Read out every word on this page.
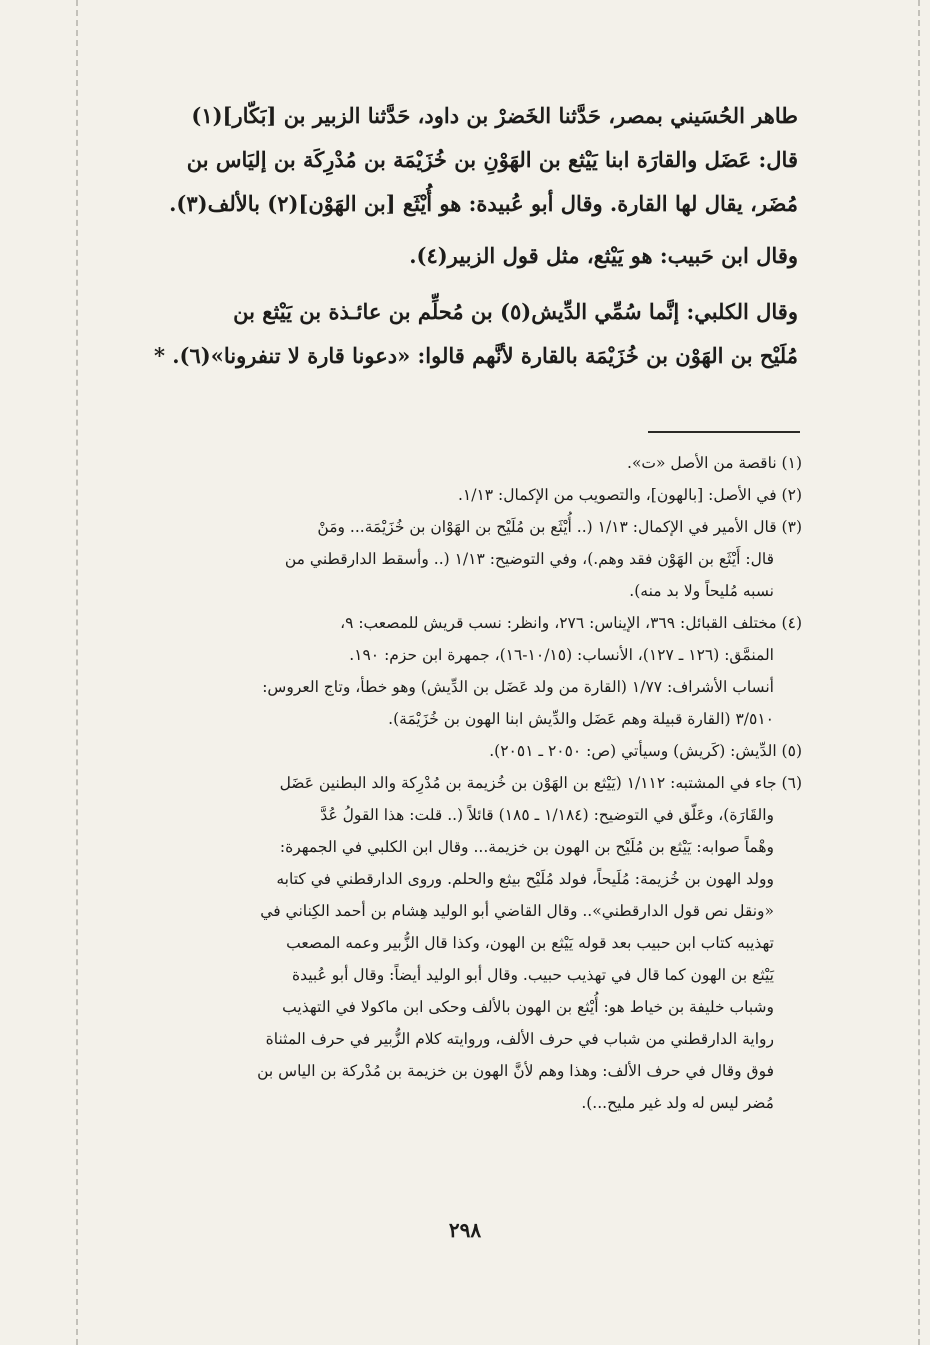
طاهر الحُسَيني بمصر، حَدَّثنا الخَضرْ بن داود، حَدَّثنا الزبير بن [بَكّار](١)
قال: عَضَل والقارَة ابنا يَيْثع بن الهَوْنِ بن خُزَيْمَة بن مُدْرِكَة بن إليَاس بن
مُضَر، يقال لها القارة. وقال أبو عُبيدة: هو أُيْثَع [بن الهَوْن](٢) بالألف(٣).

وقال ابن حَبيب: هو يَيْثع، مثل قول الزبير(٤).

وقال الكلبي: إنَّما سُمِّي الدِّيش(٥) بن مُحلِّم بن عائـذة بن يَيْثع بن
مُلَيْح بن الهَوْن بن خُزَيْمَة بالقارة لأنَّهم قالوا: «دعونا قارة لا تنفرونا»(٦). *

(١) ناقصة من الأصل «ت».
(٢) في الأصل: [بالهون]، والتصويب من الإكمال: ١/١٣.
(٣) قال الأمير في الإكمال: ١/١٣ (.. أُيْثَع بن مُلَيْح بن الهَوْان بن خُزَيْمَة... ومَنْ
قال: أَيْثَع بن الهَوْن فقد وهم.)، وفي التوضيح: ١/١٣ (.. وأسقط الدارقطني من
نسبه مُليحاً ولا بد منه).
(٤) مختلف القبائل: ٣٦٩، الإيناس: ٢٧٦، وانظر: نسب قريش للمصعب: ٩،
المنمَّق: (١٢٦ ـ ١٢٧)، الأنساب: (١٠/١٥-١٦)، جمهرة ابن حزم: ١٩٠.
أنساب الأشراف: ١/٧٧ (القارة من ولد عَضَل بن الدِّيش) وهو خطأ، وتاج العروس:
٣/٥١٠ (القارة قبيلة وهم عَضَل والدِّيش ابنا الهون بن خُزَيْمَة).
(٥) الدِّيش: (كَريش) وسيأتي (ص: ٢٠٥٠ ـ ٢٠٥١).
(٦) جاء في المشتبه: ١/١١٢ (يَيْثع بن الهَوْن بن خُزيمة بن مُدْرِكة والد البطنين عَضَل
والقَارَة)، وعَلّق في التوضيح: (١/١٨٤ ـ ١٨٥) قائلاً (.. قلت: هذا القولُ عُدَّ
وهْماً صوابه: يَيْثع بن مُلَيْح بن الهون بن خزيمة... وقال ابن الكلبي في الجمهرة:
وولد الهون بن خُزيمة: مُلَيحاً، فولد مُلَيْح بيثع والحلم. وروى الدارقطني في كتابه
«ونقل نص قول الدارقطني».. وقال القاضي أبو الوليد هِشام بن أحمد الكِناني في
تهذيبه كتاب ابن حبيب بعد قوله يَيْثع بن الهون، وكذا قال الزُّبير وعمه المصعب
يَيْثع بن الهون كما قال في تهذيب حبيب. وقال أبو الوليد أيضاً: وقال أبو عُبيدة
وشباب خليفة بن خياط هو: أُيْثع بن الهون بالألف وحكى ابن ماكولا في التهذيب
رواية الدارقطني من شباب في حرف الألف، وروايته كلام الزُّبير في حرف المثناة
فوق وقال في حرف الألف: وهذا وهم لأنَّ الهون بن خزيمة بن مُدْركة بن الياس بن
مُضر ليس له ولد غير مليح...).
٢٩٨
